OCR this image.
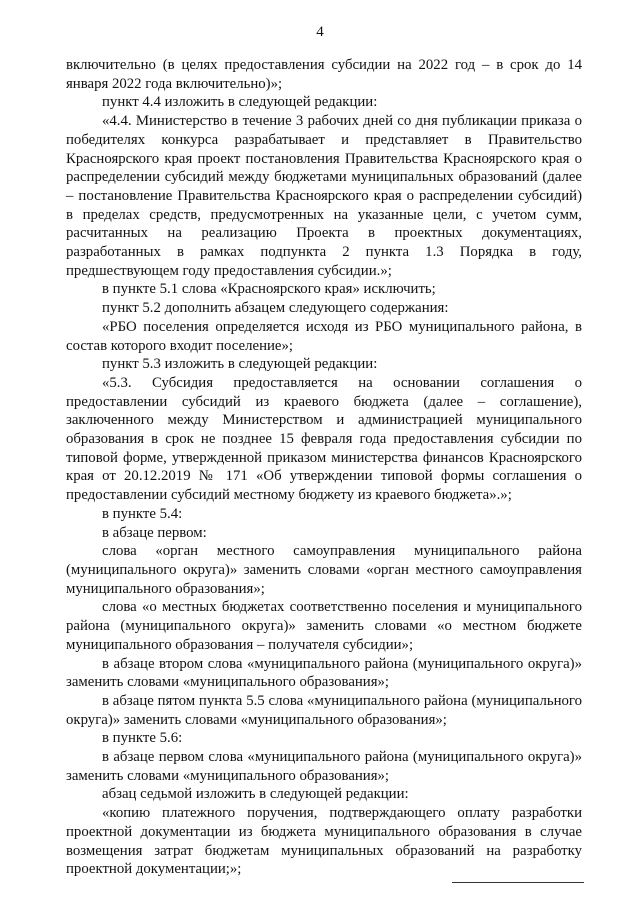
4

включительно (в целях предоставления субсидии на 2022 год – в срок до 14 января 2022 года включительно)»;

пункт 4.4 изложить в следующей редакции:

«4.4. Министерство в течение 3 рабочих дней со дня публикации приказа о победителях конкурса разрабатывает и представляет в Правительство Красноярского края проект постановления Правительства Красноярского края о распределении субсидий между бюджетами муниципальных образований (далее – постановление Правительства Красноярского края о распределении субсидий) в пределах средств, предусмотренных на указанные цели, с учетом сумм, расчитанных на реализацию Проекта в проектных документациях, разработанных в рамках подпункта 2 пункта 1.3 Порядка в году, предшествующем году предоставления субсидии.»;

в пункте 5.1 слова «Красноярского края» исключить;

пункт 5.2 дополнить абзацем следующего содержания:

«РБО поселения определяется исходя из РБО муниципального района, в состав которого входит поселение»;

пункт 5.3 изложить в следующей редакции:

«5.3. Субсидия предоставляется на основании соглашения о предоставлении субсидий из краевого бюджета (далее – соглашение), заключенного между Министерством и администрацией муниципального образования в срок не позднее 15 февраля года предоставления субсидии по типовой форме, утвержденной приказом министерства финансов Красноярского края от 20.12.2019 № 171 «Об утверждении типовой формы соглашения о предоставлении субсидий местному бюджету из краевого бюджета».»;

в пункте 5.4:

в абзаце первом:

слова «орган местного самоуправления муниципального района (муниципального округа)» заменить словами «орган местного самоуправления муниципального образования»;

слова «о местных бюджетах соответственно поселения и муниципального района (муниципального округа)» заменить словами «о местном бюджете муниципального образования – получателя субсидии»;

в абзаце втором слова «муниципального района (муниципального округа)» заменить словами «муниципального образования»;

в абзаце пятом пункта 5.5 слова «муниципального района (муниципального округа)» заменить словами «муниципального образования»;

в пункте 5.6:

в абзаце первом слова «муниципального района (муниципального округа)» заменить словами «муниципального образования»;

абзац седьмой изложить в следующей редакции:

«копию платежного поручения, подтверждающего оплату разработки проектной документации из бюджета муниципального образования в случае возмещения затрат бюджетам муниципальных образований на разработку проектной документации;»;
